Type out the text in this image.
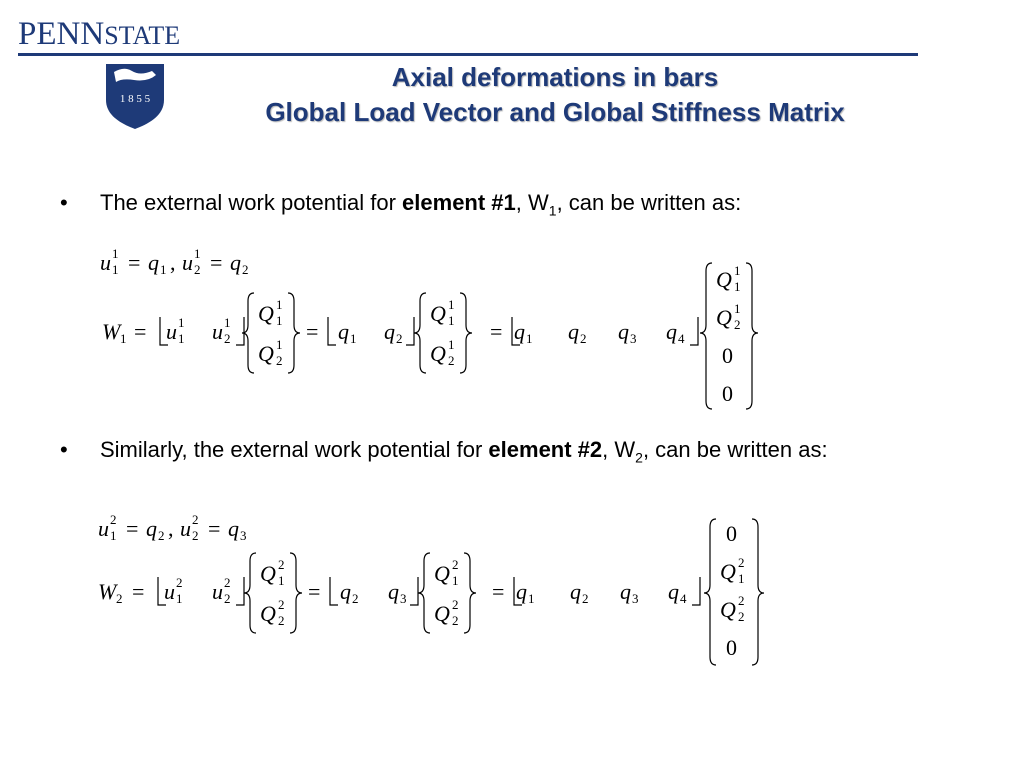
PENNSTATE
1 8 5 5
Axial deformations in bars
Global Load Vector and Global Stiffness Matrix
• The external work potential for element #1, $W_1$, can be written as:
u 1
1 = q 1 , u 1
2 = q 2
W 1 = u 1
1 u 1
2
Q 1
1
Q 1
2
= q 1 q 2
Q 1
1
Q 1
2
= q 1 q 2 q 3 q 4
Q 1
1
Q 1
2
0
0
• Similarly, the external work potential for element #2, $W_2$, can be written as:
u 2
1 = q 2 , u 2
2 = q 3
W 2 = u 2
1 u 2
2
Q 2
1
Q 2
2
= q 2 q 3
Q 2
1
Q 2
2
= q 1 q 2 q 3 q 4
0
Q 2
1
Q 2
2
0
